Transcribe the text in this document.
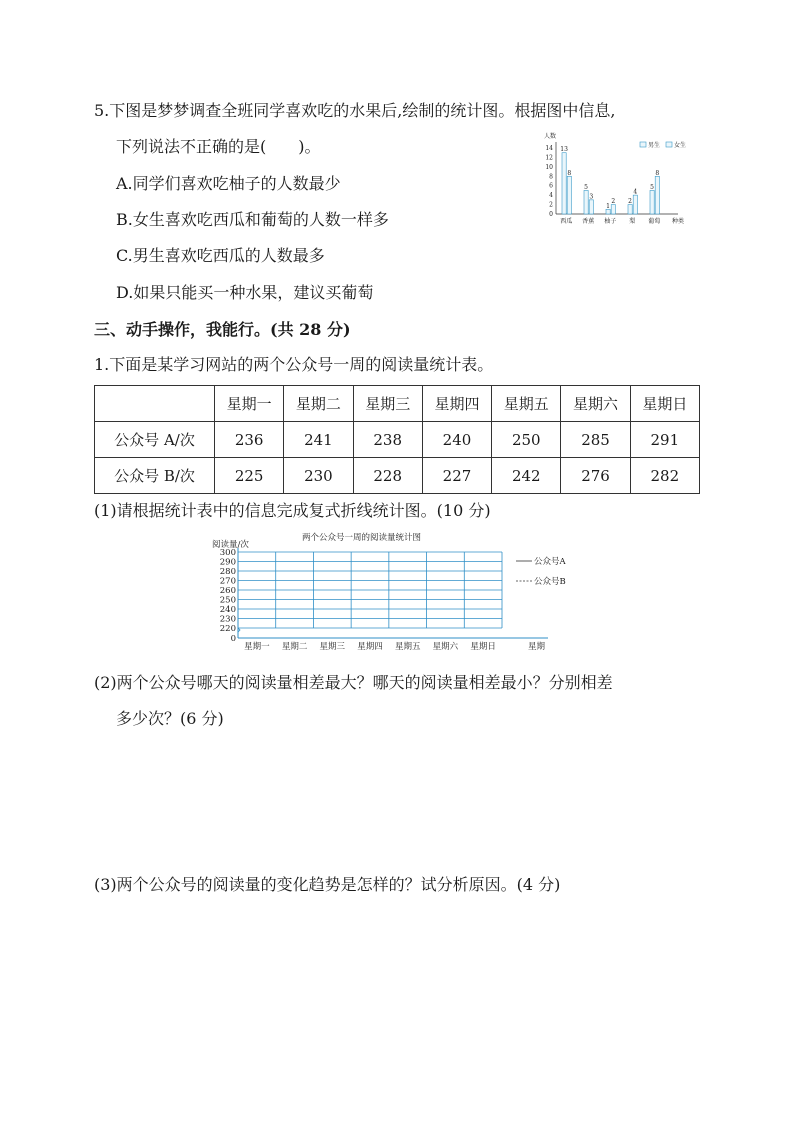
5.下图是梦梦调查全班同学喜欢吃的水果后,绘制的统计图。根据图中信息,
下列说法不正确的是(　　)。
A.同学们喜欢吃柚子的人数最少
B.女生喜欢吃西瓜和葡萄的人数一样多
C.男生喜欢吃西瓜的人数最多
D.如果只能买一种水果，建议买葡萄
人数
0
2
4
6
8
10
12
14 13
8
西瓜
5
3
香蕉
1
2
柚子
2
4
梨
5
8
葡萄 种类
男生 女生
三、动手操作，我能行。(共 28 分)
1.下面是某学习网站的两个公众号一周的阅读量统计表。
	星期一	星期二	星期三	星期四	星期五	星期六	星期日
公众号 A/次	236	241	238	240	250	285	291
公众号 B/次	225	230	228	227	242	276	282
(1)请根据统计表中的信息完成复式折线统计图。(10 分)
两个公众号一周的阅读量统计图
阅读量/次
0
220
230
240
250
260
270
280
290
300
星期一 星期二 星期三 星期四 星期五 星期六 星期日	星期
公众号A
公众号B
(2)两个公众号哪天的阅读量相差最大？哪天的阅读量相差最小？分别相差
多少次？(6 分)
(3)两个公众号的阅读量的变化趋势是怎样的？试分析原因。(4 分)
